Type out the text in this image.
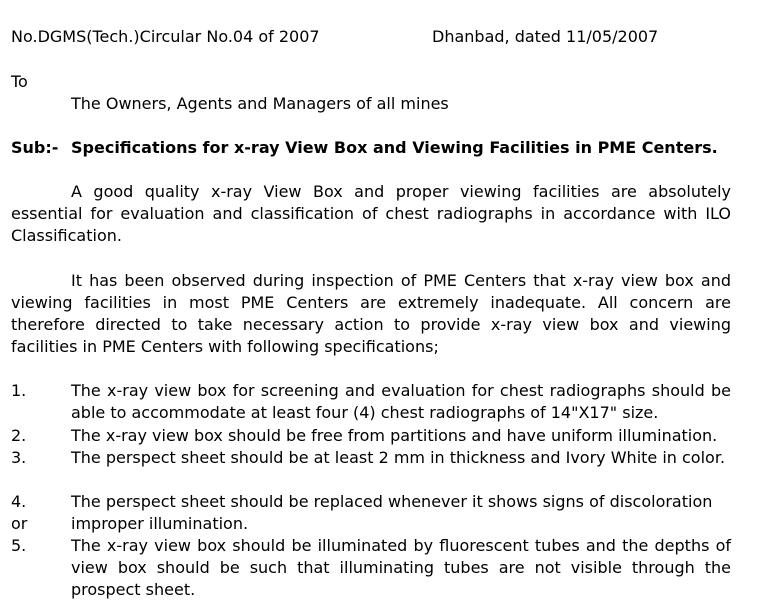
No.DGMS(Tech.)Circular No.04 of 2007	Dhanbad, dated 11/05/2007
To
The Owners, Agents and Managers of all mines
Sub:- Specifications for x-ray View Box and Viewing Facilities in PME Centers.
A good quality x-ray View Box and proper viewing facilities are absolutely essential for evaluation and classification of chest radiographs in accordance with ILO Classification.
It has been observed during inspection of PME Centers that x-ray view box and viewing facilities in most PME Centers are extremely inadequate. All concern are therefore directed to take necessary action to provide x-ray view box and viewing facilities in PME Centers with following specifications;
1.	The x-ray view box for screening and evaluation for chest radiographs should be able to accommodate at least four (4) chest radiographs of 14"X17" size.
2.	The x-ray view box should be free from partitions and have uniform illumination.
3.	The perspect sheet should be at least 2 mm in thickness and Ivory White in color.
4.	The perspect sheet should be replaced whenever it shows signs of discoloration
or	improper illumination.
5.	The x-ray view box should be illuminated by fluorescent tubes and the depths of view box should be such that illuminating tubes are not visible through the prospect sheet.
